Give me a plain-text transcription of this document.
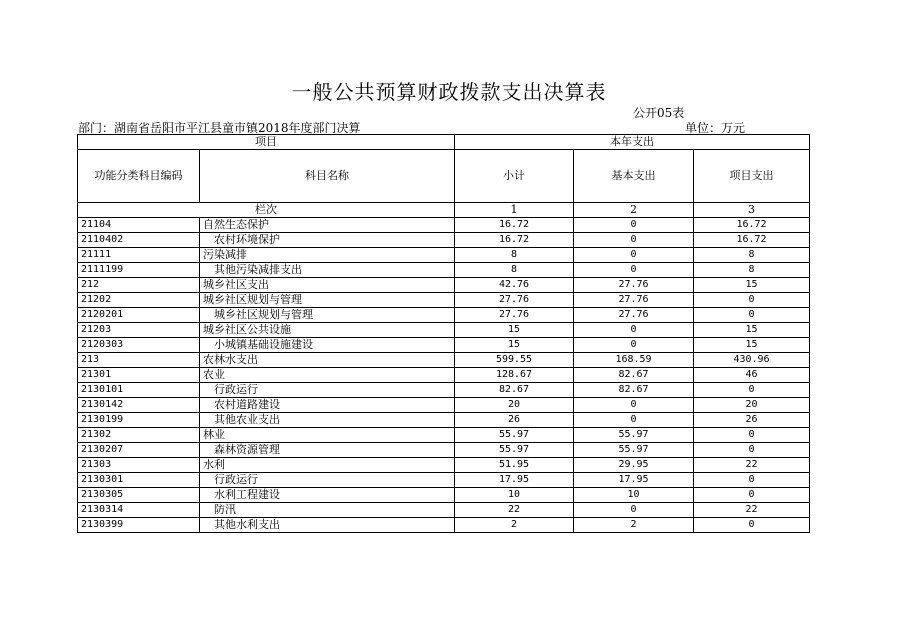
一般公共预算财政拨款支出决算表
公开05表
部门：湖南省岳阳市平江县童市镇2018年度部门决算	单位：万元
项目		本年支出		
功能分类科目编码	科目名称	小计	基本支出	项目支出
栏次		1	2	3
21104	自然生态保护	16.72	0	16.72
2110402	农村环境保护	16.72	0	16.72
21111	污染减排	8	0	8
2111199	其他污染减排支出	8	0	8
212	城乡社区支出	42.76	27.76	15
21202	城乡社区规划与管理	27.76	27.76	0
2120201	城乡社区规划与管理	27.76	27.76	0
21203	城乡社区公共设施	15	0	15
2120303	小城镇基础设施建设	15	0	15
213	农林水支出	599.55	168.59	430.96
21301	农业	128.67	82.67	46
2130101	行政运行	82.67	82.67	0
2130142	农村道路建设	20	0	20
2130199	其他农业支出	26	0	26
21302	林业	55.97	55.97	0
2130207	森林资源管理	55.97	55.97	0
21303	水利	51.95	29.95	22
2130301	行政运行	17.95	17.95	0
2130305	水利工程建设	10	10	0
2130314	防汛	22	0	22
2130399	其他水利支出	2	2	0
